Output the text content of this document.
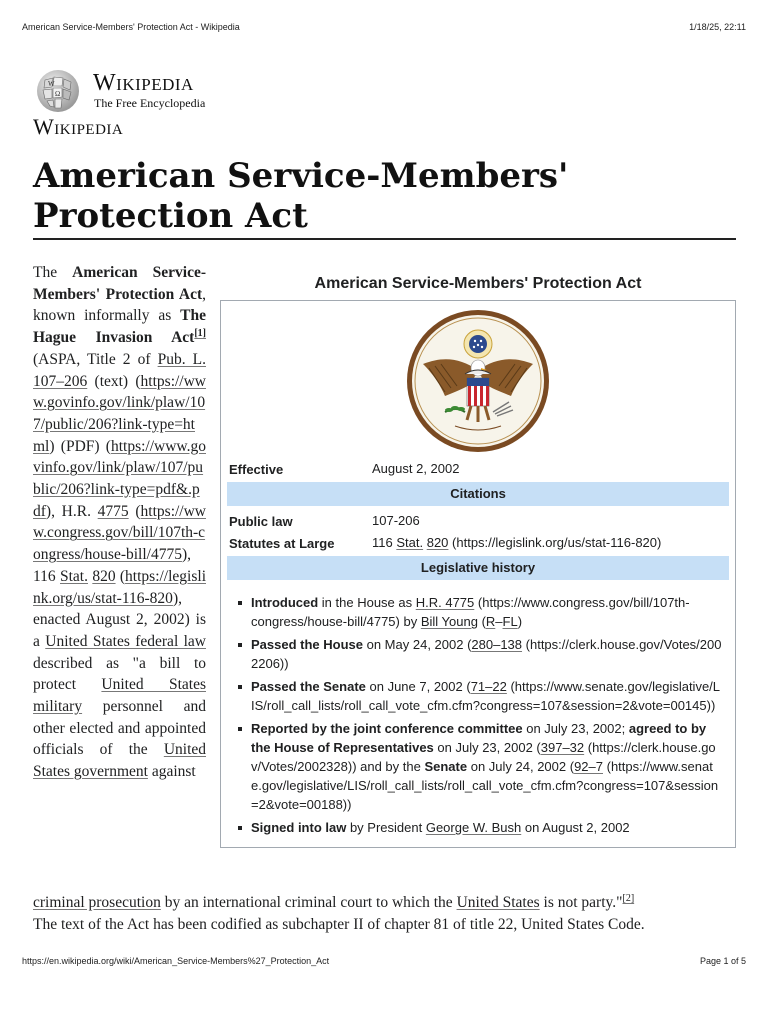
American Service-Members' Protection Act - Wikipedia	1/18/25, 22:11
W
Ω Wikipedia
The Free Encyclopedia
Wikipedia
American Service-Members' Protection Act
The American Service-Members' Protection Act, known informally as The Hague Invasion Act[1] (ASPA, Title 2 of Pub. L. 107–206 (text) (https://www.govinfo.gov/link/plaw/107/public/206?link-type=html) (PDF) (https://www.govinfo.gov/link/plaw/107/public/206?link-type=pdf&.pdf), H.R. 4775 (https://www.congress.gov/bill/107th-congress/house-bill/4775), 116 Stat. 820 (https://legislink.org/us/stat-116-820), enacted August 2, 2002) is a United States federal law described as "a bill to protect United States military personnel and other elected and appointed officials of the United States government against
criminal prosecution by an international criminal court to which the United States is not party."[2]
The text of the Act has been codified as subchapter II of chapter 81 of title 22, United States Code.
American Service-Members' Protection Act
Effective	August 2, 2002
Citations
Public law	107-206
Statutes at Large	116 Stat. 820 (https://legislink.org/us/stat-116-820)
Legislative history
Introduced in the House as H.R. 4775 (https://www.congress.gov/bill/107th-congress/house-bill/4775) by Bill Young (R–FL)
Passed the House on May 24, 2002 (280–138 (https://clerk.house.gov/Votes/2002206))
Passed the Senate on June 7, 2002 (71–22 (https://www.senate.gov/legislative/LIS/roll_call_lists/roll_call_vote_cfm.cfm?congress=107&session=2&vote=00145))
Reported by the joint conference committee on July 23, 2002; agreed to by the House of Representatives on July 23, 2002 (397–32 (https://clerk.house.gov/Votes/2002328)) and by the Senate on July 24, 2002 (92–7 (https://www.senate.gov/legislative/LIS/roll_call_lists/roll_call_vote_cfm.cfm?congress=107&session=2&vote=00188))
Signed into law by President George W. Bush on August 2, 2002
https://en.wikipedia.org/wiki/American_Service-Members%27_Protection_Act	Page 1 of 5
